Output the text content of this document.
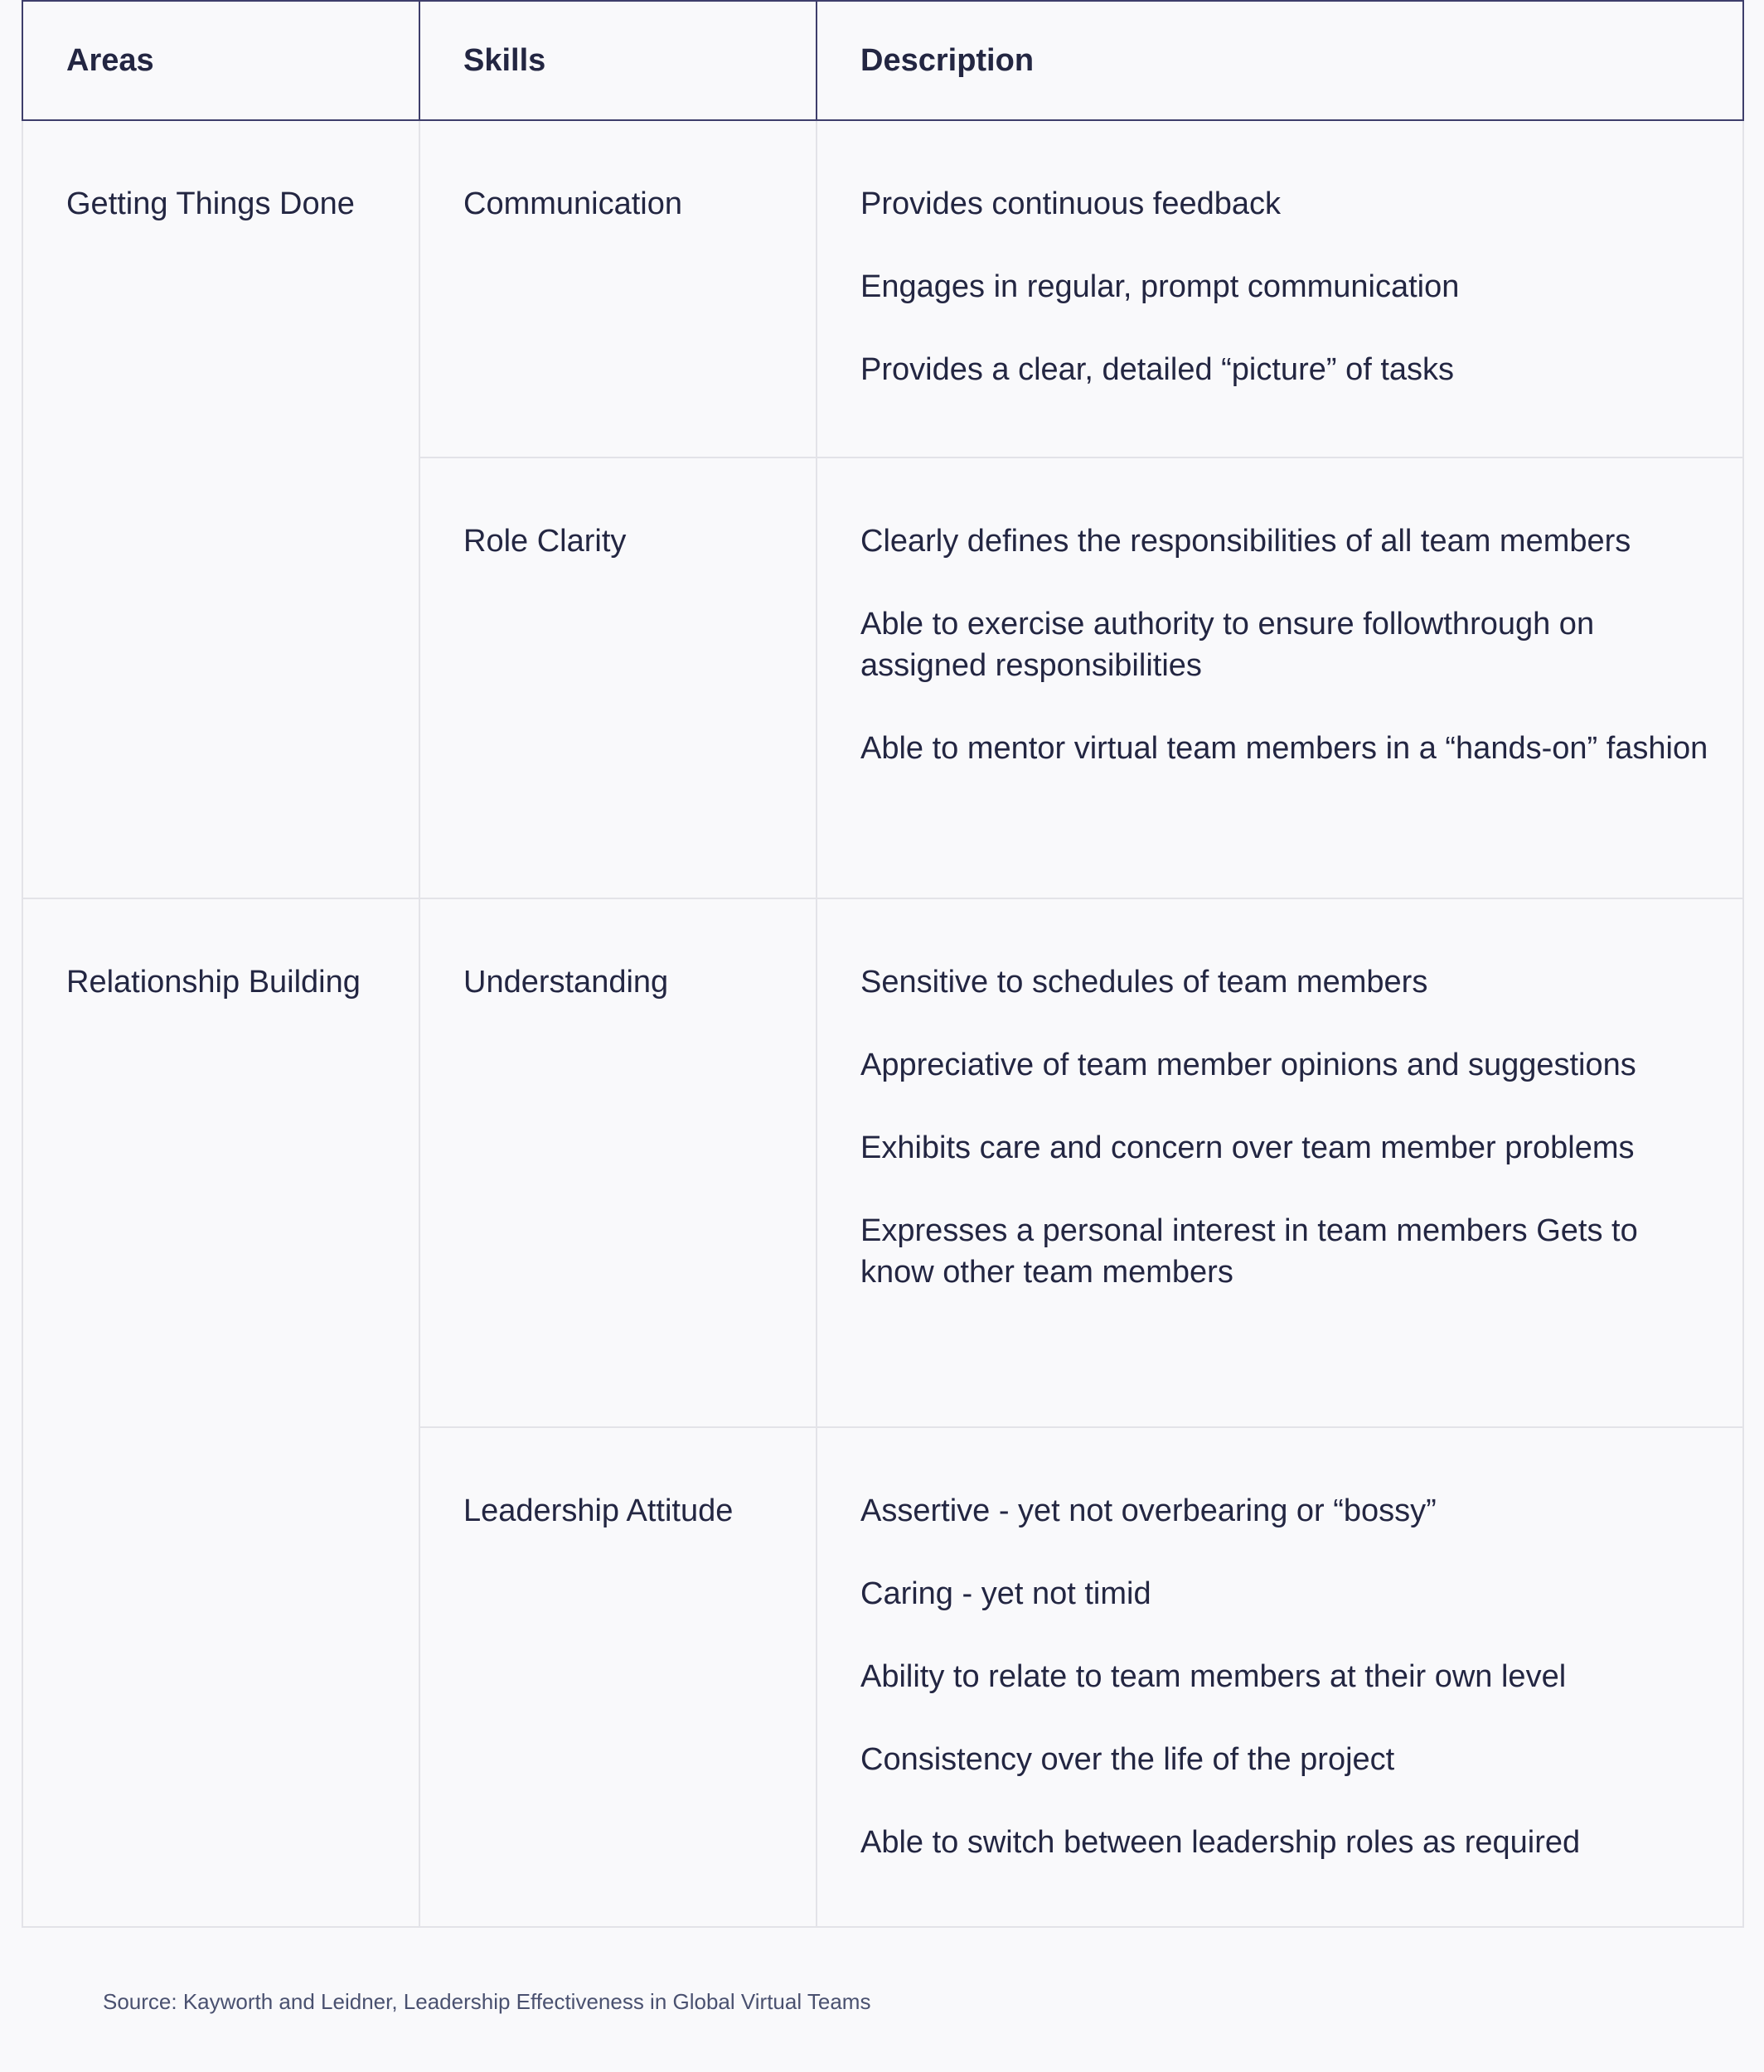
Areas	Skills	Description
Getting Things Done	Communication	Provides continuous feedback
Engages in regular, prompt communication
Provides a clear, detailed “picture” of tasks

	Role Clarity	Clearly defines the responsibilities of all team members
Able to exercise authority to ensure followthrough on assigned responsibilities
Able to mentor virtual team members in a “hands-on” fashion

Relationship Building	Understanding	Sensitive to schedules of team members
Appreciative of team member opinions and suggestions
Exhibits care and concern over team member problems
Expresses a personal interest in team members Gets to know other team members

	Leadership Attitude	Assertive - yet not overbearing or “bossy”
Caring - yet not timid
Ability to relate to team members at their own level
Consistency over the life of the project
Able to switch between leadership roles as required
Source: Kayworth and Leidner, Leadership Effectiveness in Global Virtual Teams
